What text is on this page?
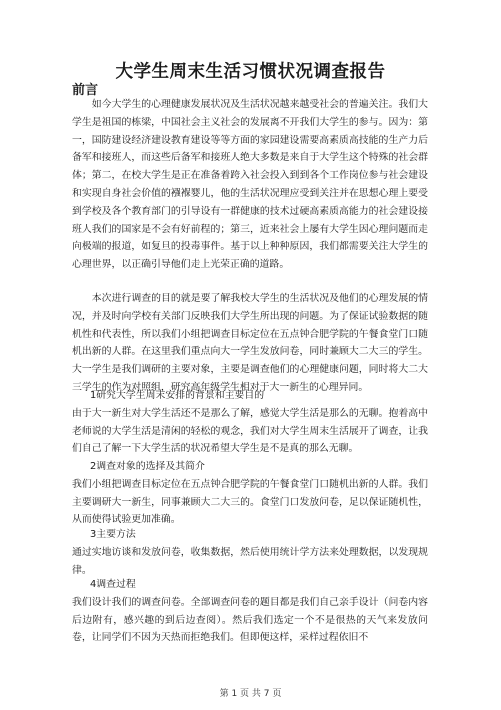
大学生周末生活习惯状况调查报告
前言

如今大学生的心理健康发展状况及生活状况越来越受社会的普遍关注。我们大学生是祖国的栋梁，中国社会主义社会的发展离不开我们大学生的参与。因为：第一，国防建设经济建设教育建设等等方面的家园建设需要高素质高技能的生产力后备军和接班人，而这些后备军和接班人绝大多数是来自于大学生这个特殊的社会群体；第二，在校大学生是正在准备着跨入社会投入到到各个工作岗位参与社会建设和实现自身社会价值的襁褓婴儿，他的生活状况理应受到关注并在思想心理上要受到学校及各个教育部门的引导设有一群健康的技术过硬高素质高能力的社会建设接班人我们的国家是不会有好前程的；第三，近来社会上屡有大学生因心理问题而走向极端的报道，如复旦的投毒事件。基于以上种种原因，我们都需要关注大学生的心理世界，以正确引导他们走上光荣正确的道路。

本次进行调查的目的就是要了解我校大学生的生活状况及他们的心理发展的情况，并及时向学校有关部门反映我们大学生所出现的问题。为了保证试验数据的随机性和代表性，所以我们小组把调查目标定位在五点钟合肥学院的午餐食堂门口随机出新的人群。在这里我们重点向大一学生发放问卷，同时兼顾大二大三的学生。大一学生是我们调研的主要对象，主要是调查他们的心理健康问题，同时将大二大三学生的作为对照组，研究高年级学生相对于大一新生的心理异同。

1研究大学生周末安排的背景和主要目的
由于大一新生对大学生活还不是那么了解，感觉大学生活是那么的无聊。抱着高中老师说的大学生活是清闲的轻松的观念，我们对大学生周末生活展开了调查，让我们自己了解一下大学生活的状况希望大学生是不是真的那么无聊。
2调查对象的选择及其简介
我们小组把调查目标定位在五点钟合肥学院的午餐食堂门口随机出新的人群。我们主要调研大一新生，同事兼顾大二大三的。食堂门口发放问卷，足以保证随机性，从而使得试验更加准确。
3主要方法
通过实地访谈和发放问卷，收集数据，然后使用统计学方法来处理数据，以发现规律。
4调查过程
我们设计我们的调查问卷。全部调查问卷的题目都是我们自己亲手设计（问卷内容后边附有，感兴趣的到后边查阅）。然后我们选定一个不是很热的天气来发放问卷，让同学们不因为天热而拒绝我们。但即便这样，采样过程依旧不
第 1 页 共 7 页
